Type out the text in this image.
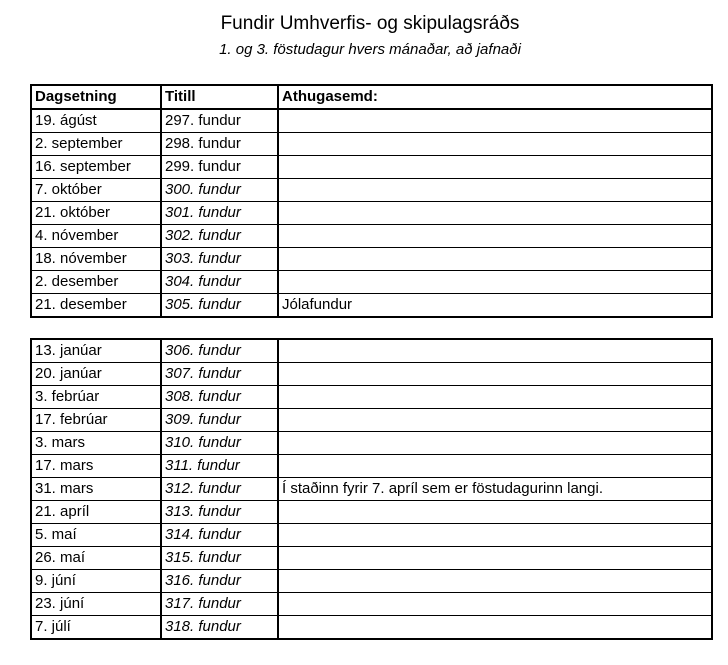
Fundir Umhverfis- og skipulagsráðs
1. og 3. föstudagur hvers mánaðar, að jafnaði
Dagsetning	Titill	Athugasemd:
19. ágúst	297. fundur	
2. september	298. fundur	
16. september	299. fundur	
7. október	300. fundur	
21. október	301. fundur	
4. nóvember	302. fundur	
18. nóvember	303. fundur	
2. desember	304. fundur	
21. desember	305. fundur	Jólafundur
13. janúar	306. fundur	
20. janúar	307. fundur	
3. febrúar	308. fundur	
17. febrúar	309. fundur	
3. mars	310. fundur	
17. mars	311. fundur	
31. mars	312. fundur	Í staðinn fyrir 7. apríl sem er föstudagurinn langi.
21. apríl	313. fundur	
5. maí	314. fundur	
26. maí	315. fundur	
9. júní	316. fundur	
23. júní	317. fundur	
7. júlí	318. fundur	
